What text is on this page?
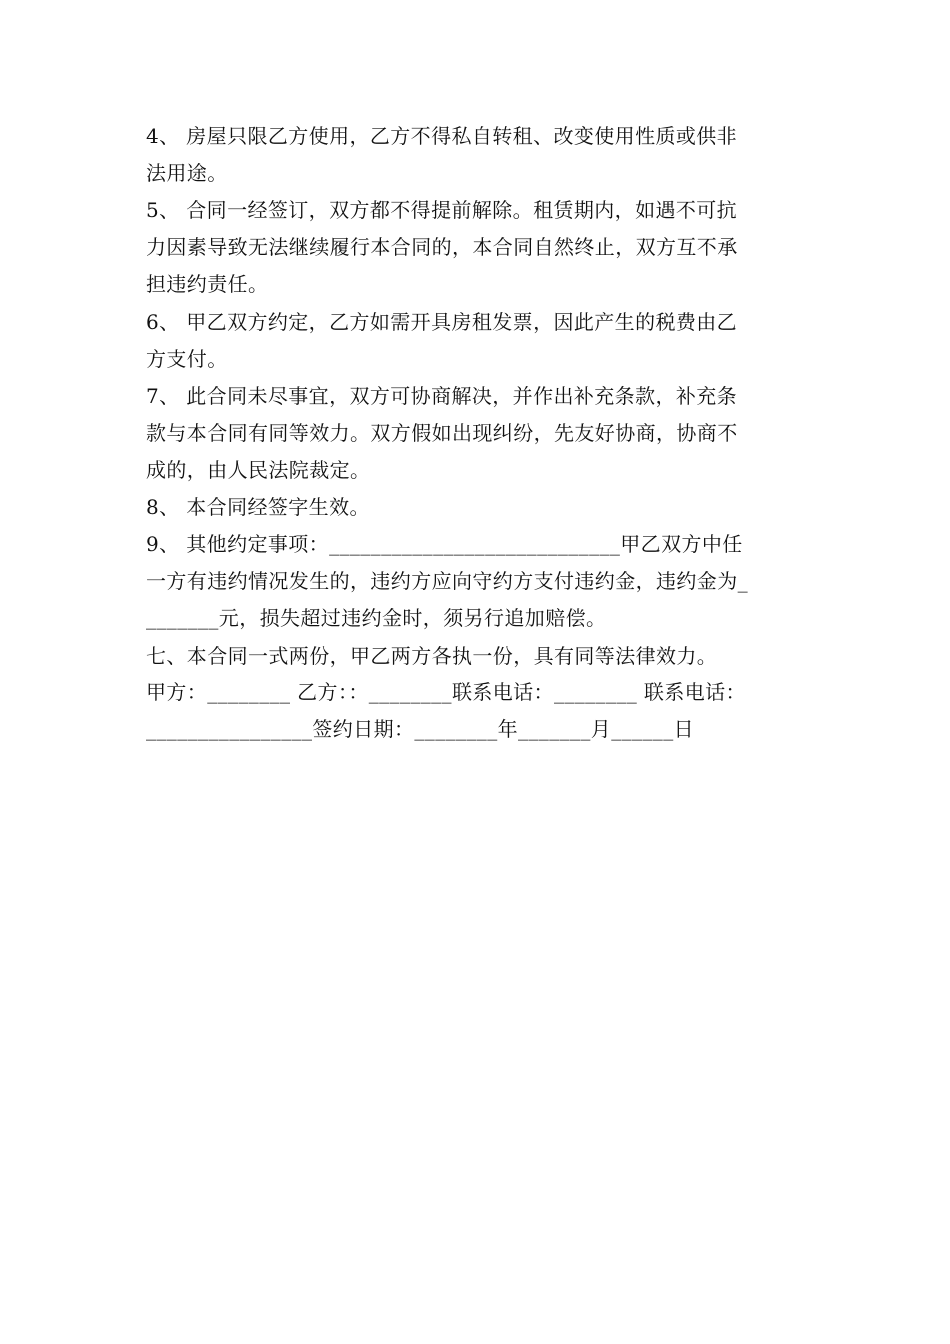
4、 房屋只限乙方使用，乙方不得私自转租、改变使用性质或供非
法用途。
5、 合同一经签订，双方都不得提前解除。租赁期内，如遇不可抗
力因素导致无法继续履行本合同的，本合同自然终止，双方互不承
担违约责任。
6、 甲乙双方约定，乙方如需开具房租发票，因此产生的税费由乙
方支付。
7、 此合同未尽事宜，双方可协商解决，并作出补充条款，补充条
款与本合同有同等效力。双方假如出现纠纷，先友好协商，协商不
成的，由人民法院裁定。
8、 本合同经签字生效。
9、 其他约定事项：____________________________甲乙双方中任
一方有违约情况发生的，违约方应向守约方支付违约金，违约金为_
_______元，损失超过违约金时，须另行追加赔偿。
七、本合同一式两份，甲乙两方各执一份，具有同等法律效力。
甲方：________ 乙方：：________联系电话：________ 联系电话：
________________签约日期：________年_______月______日
